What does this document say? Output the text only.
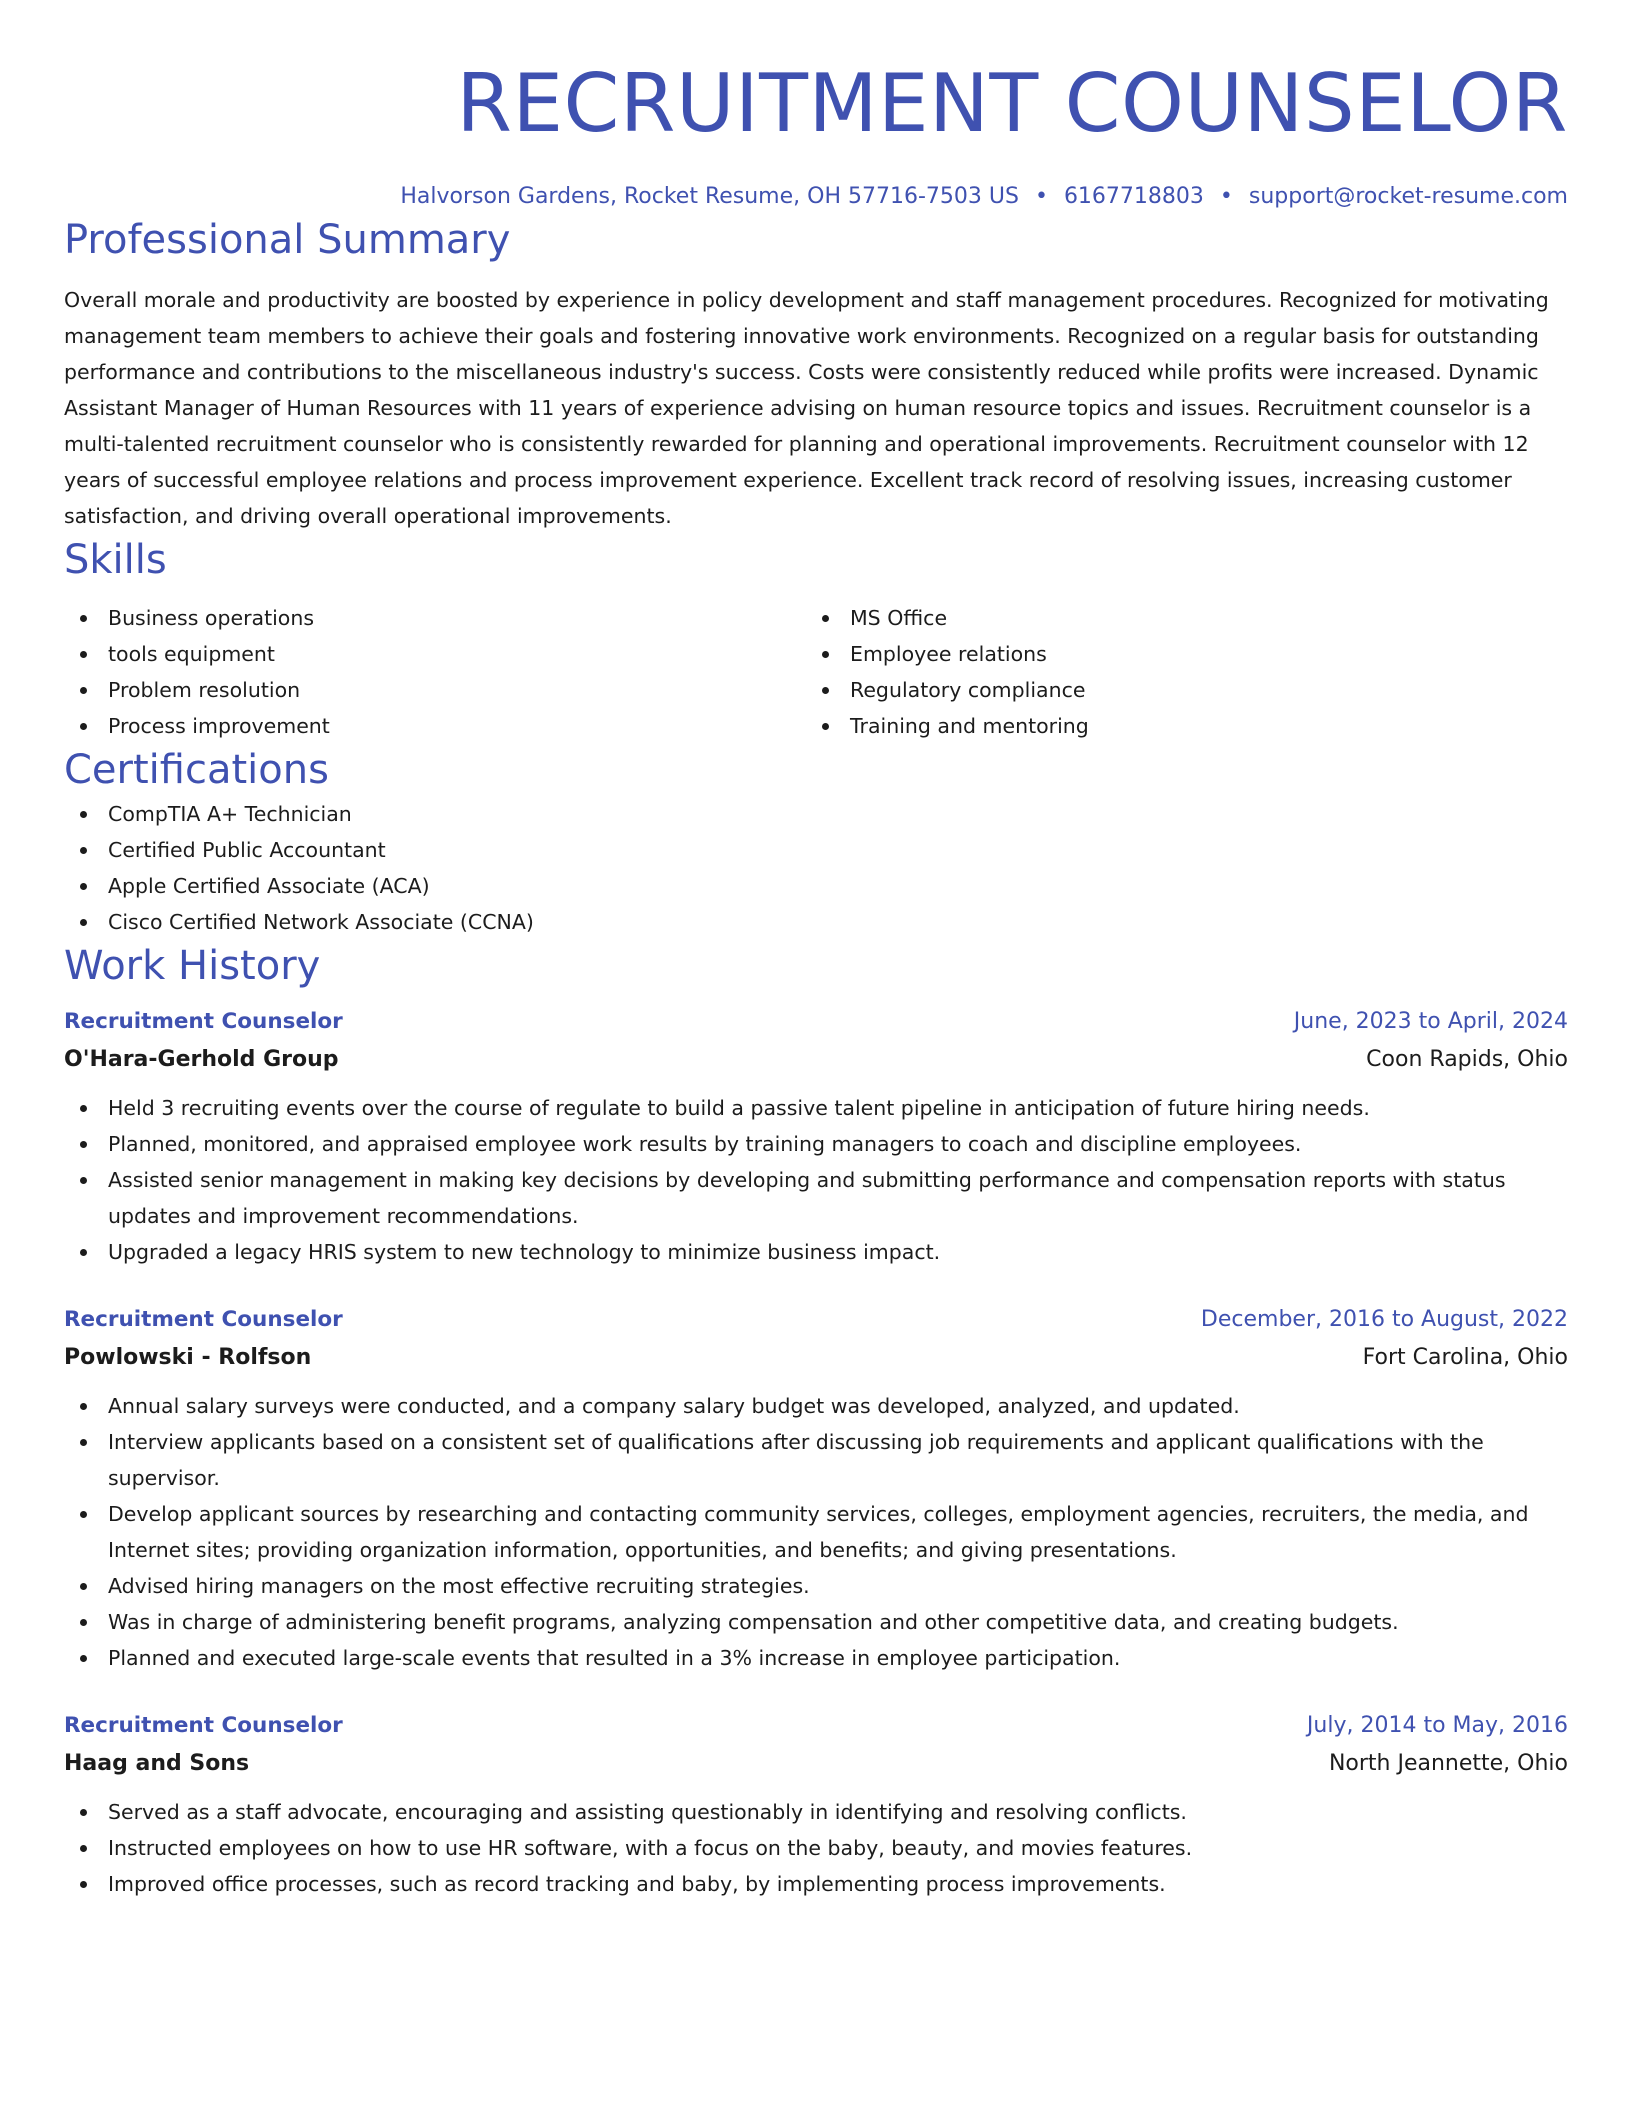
RECRUITMENT COUNSELOR
Halvorson Gardens, Rocket Resume, OH 57716-7503 US • 6167718803 • support@rocket-resume.com
Professional Summary

Overall morale and productivity are boosted by experience in policy development and staff management procedures. Recognized for motivating management team members to achieve their goals and fostering innovative work environments. Recognized on a regular basis for outstanding performance and contributions to the miscellaneous industry's success. Costs were consistently reduced while profits were increased. Dynamic Assistant Manager of Human Resources with 11 years of experience advising on human resource topics and issues. Recruitment counselor is a multi-talented recruitment counselor who is consistently rewarded for planning and operational improvements. Recruitment counselor with 12 years of successful employee relations and process improvement experience. Excellent track record of resolving issues, increasing customer satisfaction, and driving overall operational improvements.

Skills
Business operations
tools equipment
Problem resolution
Process improvement
MS Office
Employee relations
Regulatory compliance
Training and mentoring
Certifications
CompTIA A+ Technician
Certified Public Accountant
Apple Certified Associate (ACA)
Cisco Certified Network Associate (CCNA)
Work History
Recruitment Counselor	June, 2023 to April, 2024
O'Hara-Gerhold Group	Coon Rapids, Ohio
Held 3 recruiting events over the course of regulate to build a passive talent pipeline in anticipation of future hiring needs.
Planned, monitored, and appraised employee work results by training managers to coach and discipline employees.
Assisted senior management in making key decisions by developing and submitting performance and compensation reports with status updates and improvement recommendations.
Upgraded a legacy HRIS system to new technology to minimize business impact.
Recruitment Counselor	December, 2016 to August, 2022
Powlowski - Rolfson	Fort Carolina, Ohio
Annual salary surveys were conducted, and a company salary budget was developed, analyzed, and updated.
Interview applicants based on a consistent set of qualifications after discussing job requirements and applicant qualifications with the supervisor.
Develop applicant sources by researching and contacting community services, colleges, employment agencies, recruiters, the media, and Internet sites; providing organization information, opportunities, and benefits; and giving presentations.
Advised hiring managers on the most effective recruiting strategies.
Was in charge of administering benefit programs, analyzing compensation and other competitive data, and creating budgets.
Planned and executed large-scale events that resulted in a 3% increase in employee participation.
Recruitment Counselor	July, 2014 to May, 2016
Haag and Sons	North Jeannette, Ohio
Served as a staff advocate, encouraging and assisting questionably in identifying and resolving conflicts.
Instructed employees on how to use HR software, with a focus on the baby, beauty, and movies features.
Improved office processes, such as record tracking and baby, by implementing process improvements.
